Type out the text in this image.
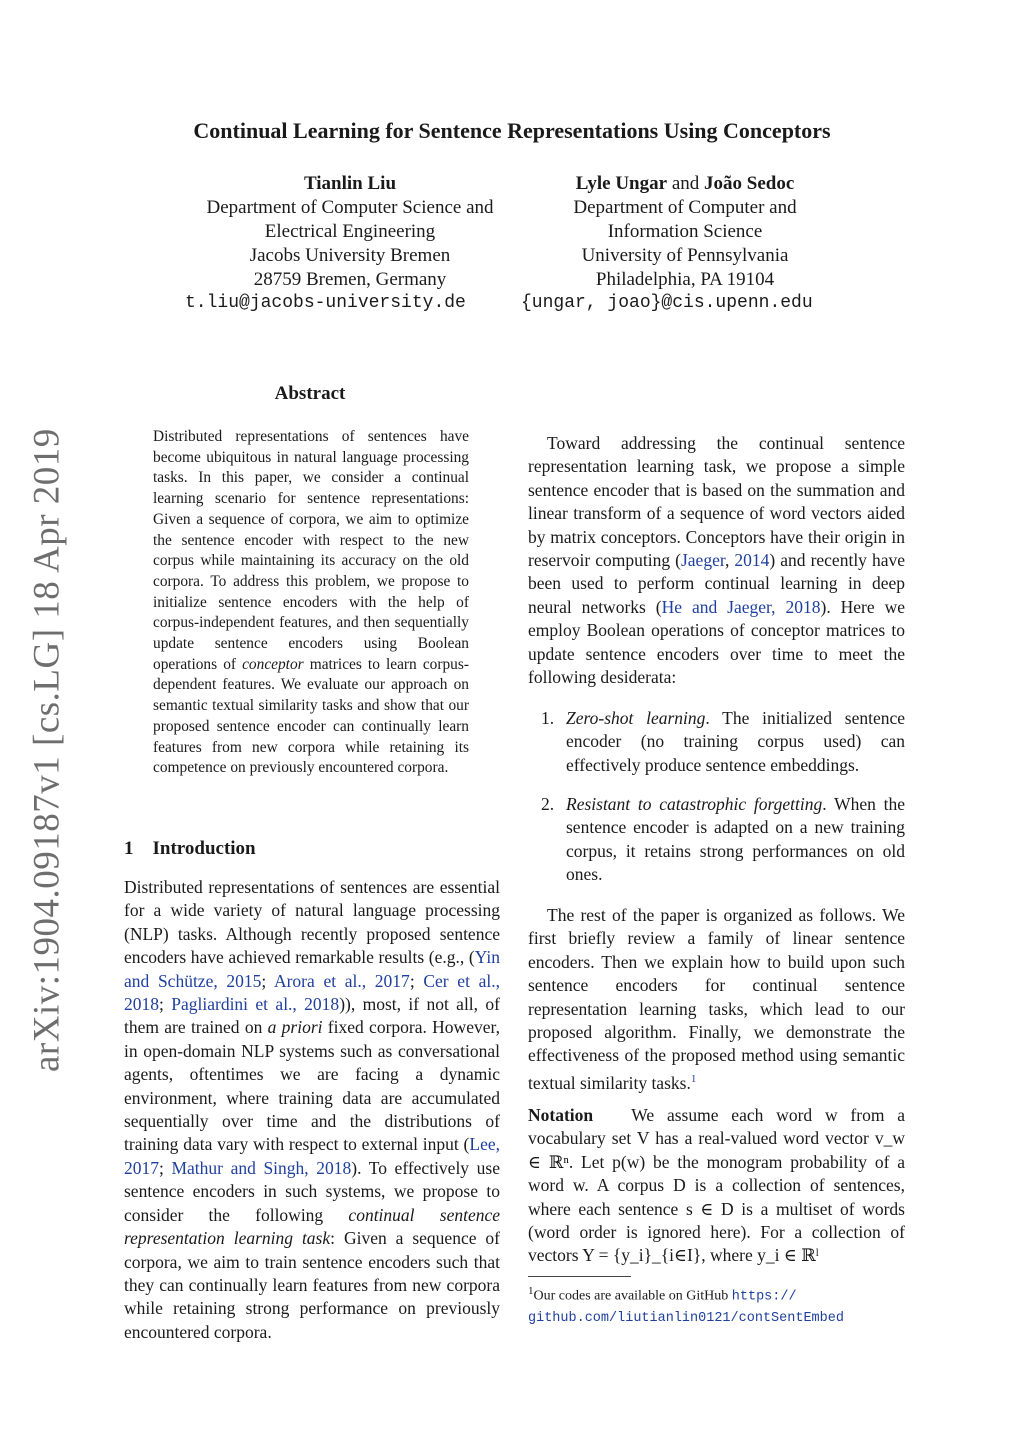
arXiv:1904.09187v1 [cs.LG] 18 Apr 2019
Continual Learning for Sentence Representations Using Conceptors
Tianlin Liu
Department of Computer Science and
Electrical Engineering
Jacobs University Bremen
28759 Bremen, Germany
t.liu@jacobs-university.de
Lyle Ungar and João Sedoc
Department of Computer and
Information Science
University of Pennsylvania
Philadelphia, PA 19104
{ungar, joao}@cis.upenn.edu
Abstract
Distributed representations of sentences have become ubiquitous in natural language processing tasks. In this paper, we consider a continual learning scenario for sentence representations: Given a sequence of corpora, we aim to optimize the sentence encoder with respect to the new corpus while maintaining its accuracy on the old corpora. To address this problem, we propose to initialize sentence encoders with the help of corpus-independent features, and then sequentially update sentence encoders using Boolean operations of conceptor matrices to learn corpus-dependent features. We evaluate our approach on semantic textual similarity tasks and show that our proposed sentence encoder can continually learn features from new corpora while retaining its competence on previously encountered corpora.
1 Introduction

Distributed representations of sentences are essential for a wide variety of natural language processing (NLP) tasks. Although recently proposed sentence encoders have achieved remarkable results (e.g., (Yin and Schütze, 2015; Arora et al., 2017; Cer et al., 2018; Pagliardini et al., 2018)), most, if not all, of them are trained on a priori fixed corpora. However, in open-domain NLP systems such as conversational agents, oftentimes we are facing a dynamic environment, where training data are accumulated sequentially over time and the distributions of training data vary with respect to external input (Lee, 2017; Mathur and Singh, 2018). To effectively use sentence encoders in such systems, we propose to consider the following continual sentence representation learning task: Given a sequence of corpora, we aim to train sentence encoders such that they can continually learn features from new corpora while retaining strong performance on previously encountered corpora.

Toward addressing the continual sentence representation learning task, we propose a simple sentence encoder that is based on the summation and linear transform of a sequence of word vectors aided by matrix conceptors. Conceptors have their origin in reservoir computing (Jaeger, 2014) and recently have been used to perform continual learning in deep neural networks (He and Jaeger, 2018). Here we employ Boolean operations of conceptor matrices to update sentence encoders over time to meet the following desiderata:

1. Zero-shot learning. The initialized sentence encoder (no training corpus used) can effectively produce sentence embeddings.
2. Resistant to catastrophic forgetting. When the sentence encoder is adapted on a new training corpus, it retains strong performances on old ones.

The rest of the paper is organized as follows. We first briefly review a family of linear sentence encoders. Then we explain how to build upon such sentence encoders for continual sentence representation learning tasks, which lead to our proposed algorithm. Finally, we demonstrate the effectiveness of the proposed method using semantic textual similarity tasks.$^1$

Notation We assume each word w from a vocabulary set V has a real-valued word vector v_w ∈ ℝⁿ. Let p(w) be the monogram probability of a word w. A corpus D is a collection of sentences, where each sentence s ∈ D is a multiset of words (word order is ignored here). For a collection of vectors Y = {y_i}_{i∈I}, where y_i ∈ ℝˡ

$^1$Our codes are available on GitHub https://
github.com/liutianlin0121/contSentEmbed
